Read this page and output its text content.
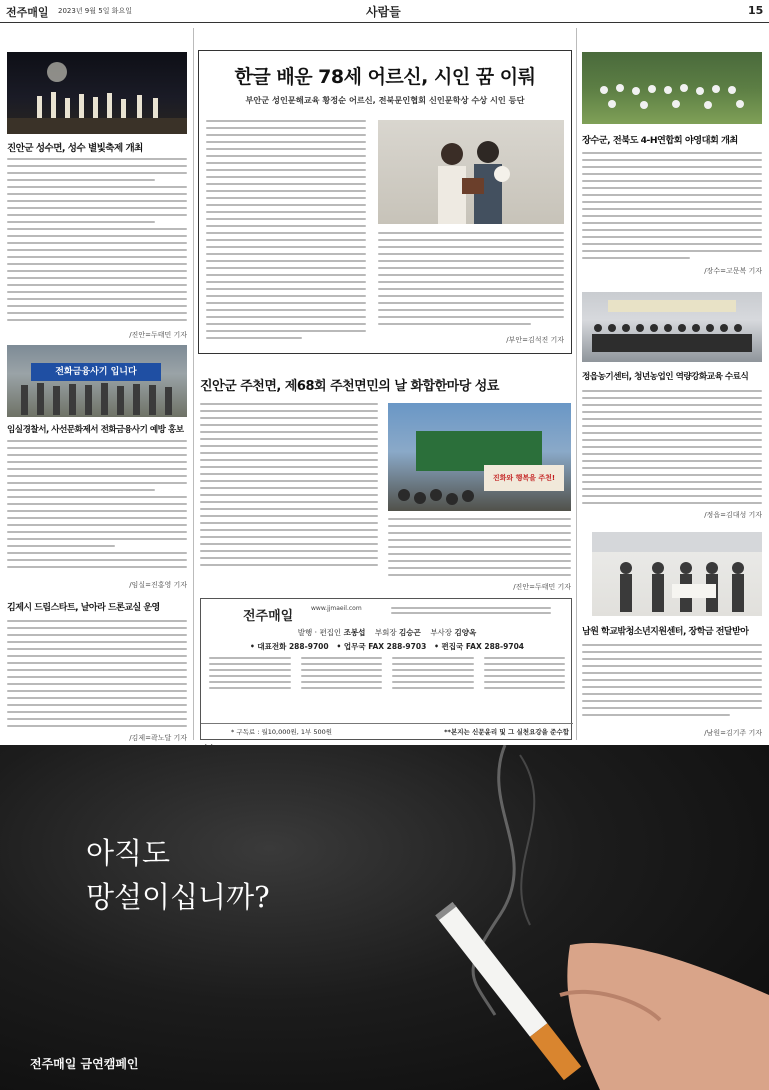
전주매일 2023년 9월 5일 화요일	사람들	15
진안군 성수면, 성수 별빛축제 개최
/진안=두태민 기자
전화금융사기 입니다
임실경찰서, 사선문화제서 전화금융사기 예방 홍보
/임실=진홍영 기자
김제시 드림스타트, 날아라 드론교실 운영
/김제=곽노달 기자
한글 배운 78세 어르신, 시인 꿈 이뤄
부안군 성인문해교육 황정순 어르신, 전북문인협회 신인문학상 수상 시인 등단
/부안=김석진 기자
진안군 주천면, 제68회 주천면민의 날 화합한마당 성료
진화와 행복을 주천!
/진안=두태민 기자
전주매일
www.jjmaeil.com
발행 · 편집인 조봉섭 부회장 김승곤 부사장 김양옥
• 대표전화 288-9700 • 업무국 FAX 288-9703 • 편집국 FAX 288-9704
* 구독료 : 월10,000원, 1부 500원	**본지는 신문윤리 및 그 실천요강을 준수합
장수군, 전북도 4-H연합회 야영대회 개최
/장수=고문복 기자
정읍농기센터, 청년농업인 역량강화교육 수료식
/정읍=김대성 기자
남원 학교밖청소년지원센터, 장학금 전달받아
/남원=김기주 기자
아직도
망설이십니까?
전주매일 금연캠페인
